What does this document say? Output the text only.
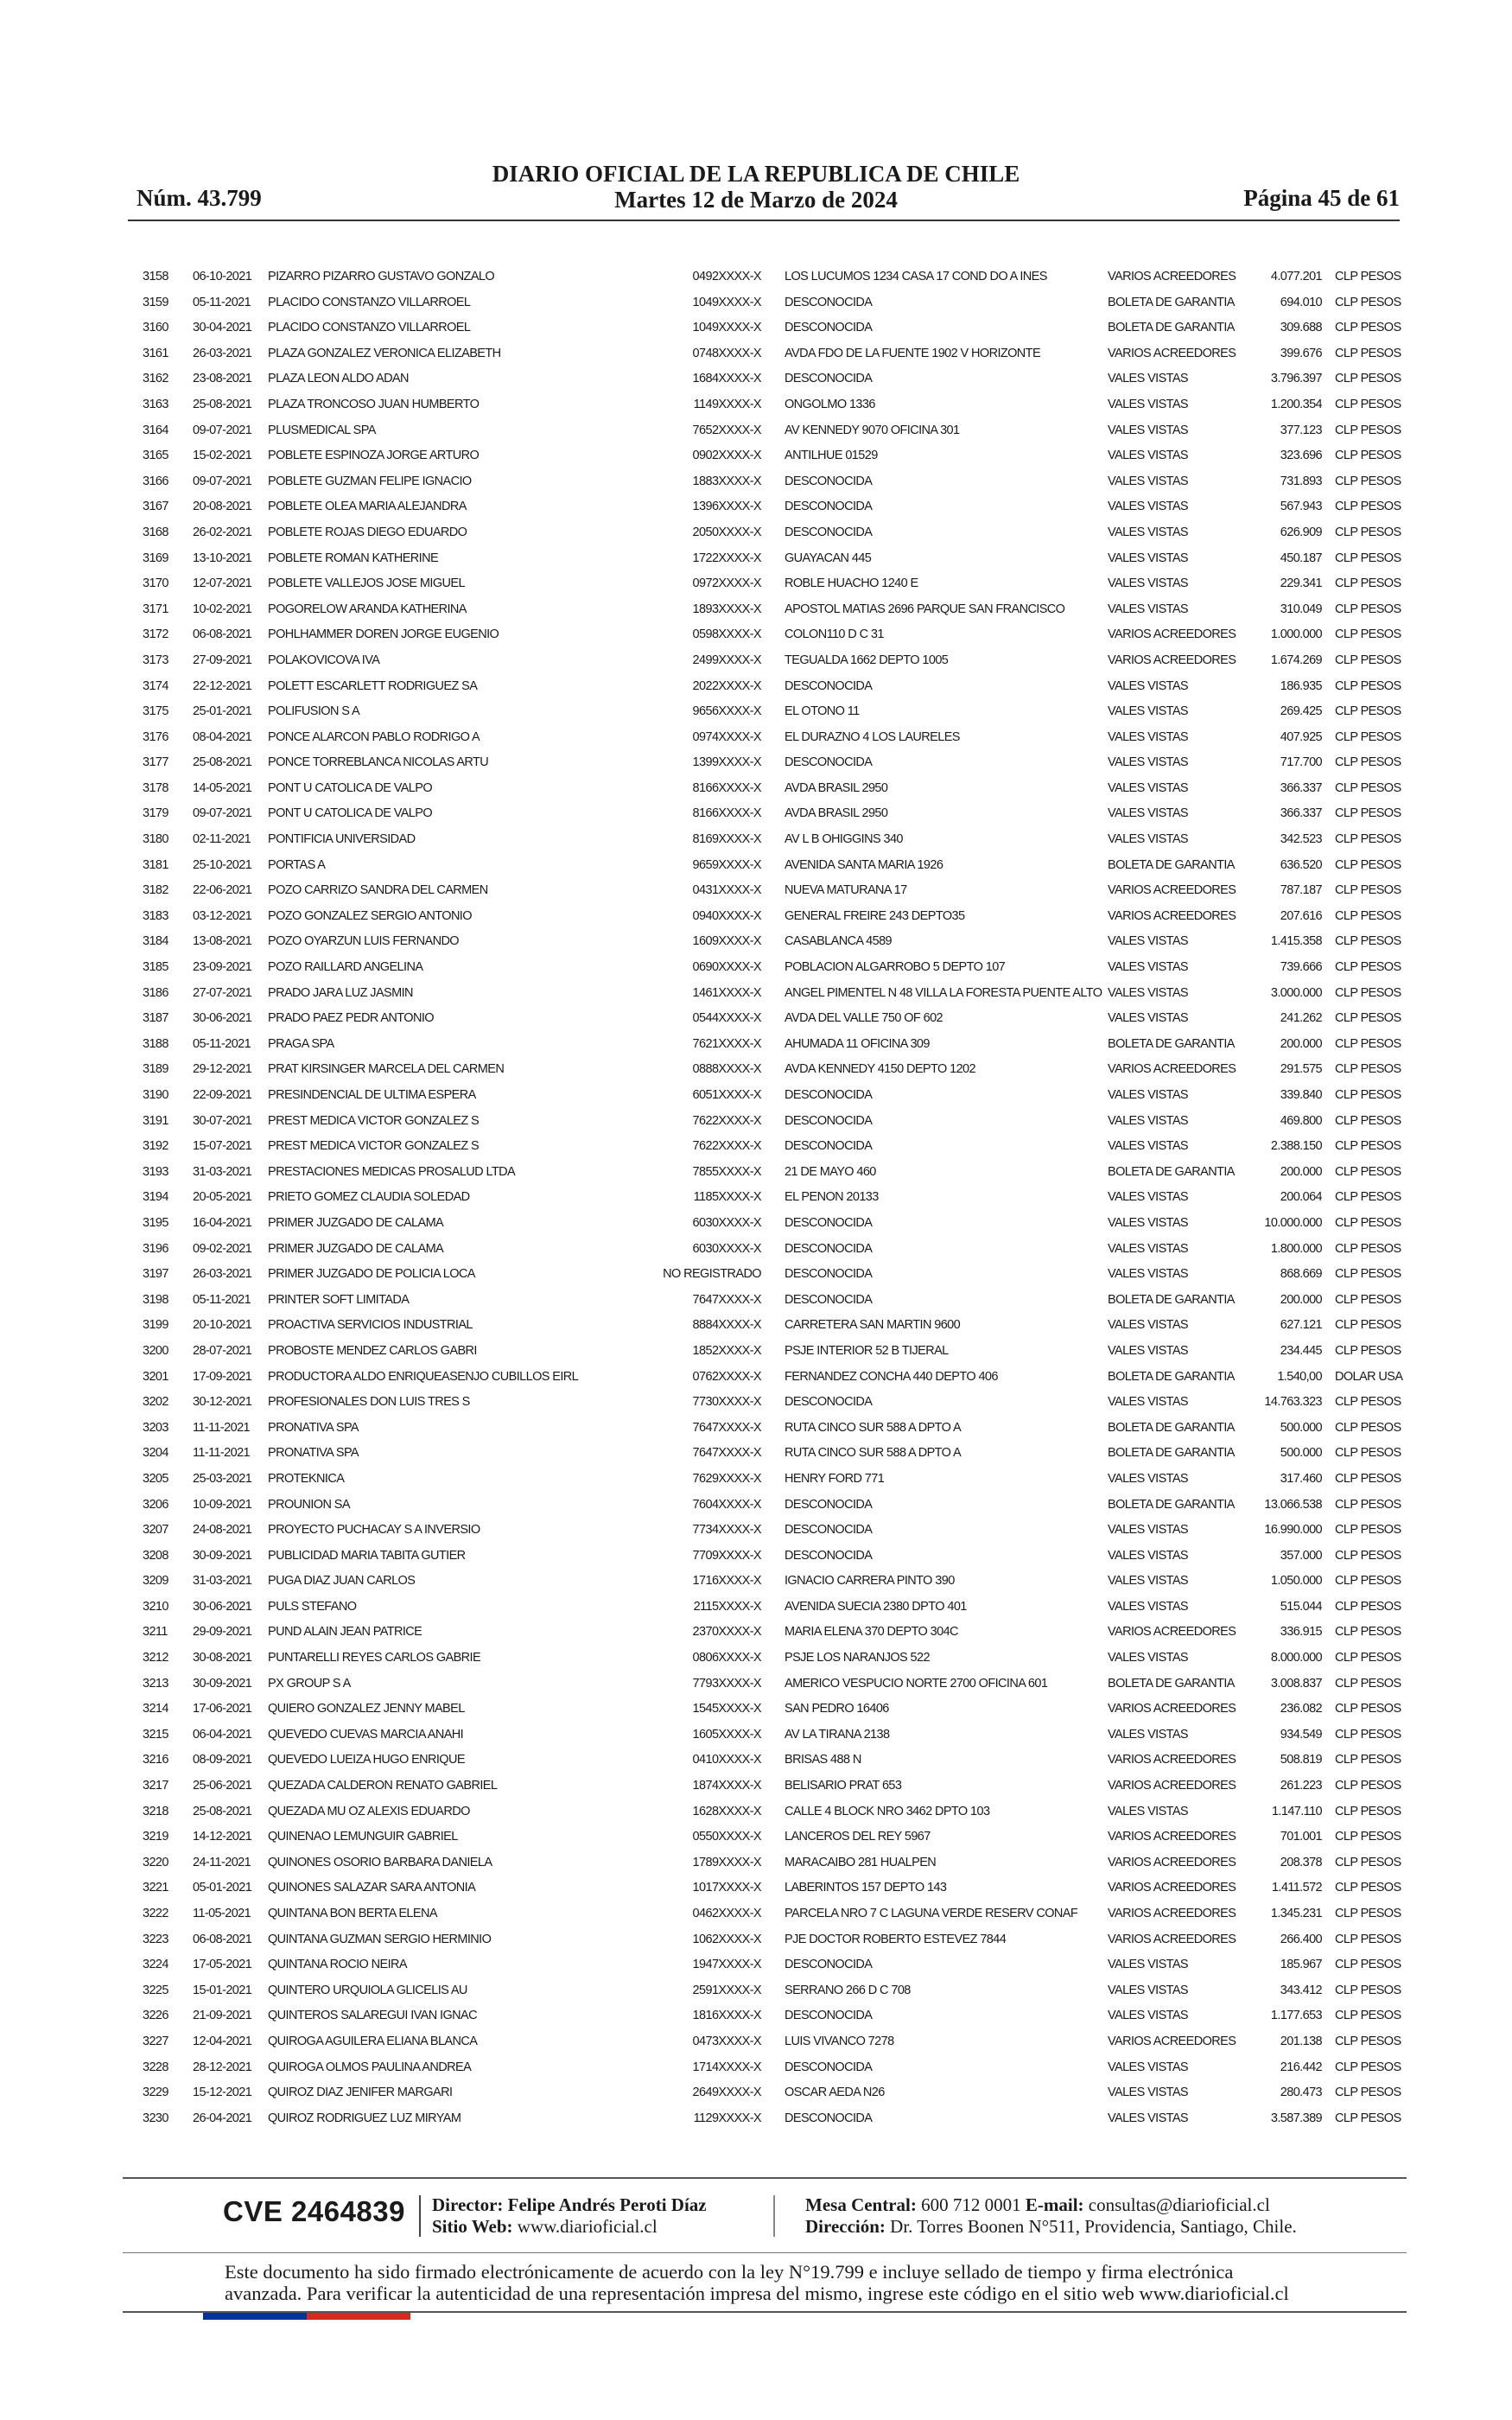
Núm. 43.799
DIARIO OFICIAL DE LA REPUBLICA DE CHILE
Martes 12 de Marzo de 2024	Página 45 de 61
3158 06-10-2021 PIZARRO PIZARRO GUSTAVO GONZALO	0492XXXX-X LOS LUCUMOS 1234 CASA 17 COND DO A INES	VARIOS ACREEDORES	4.077.201 CLP PESOS
3159 05-11-2021 PLACIDO CONSTANZO VILLARROEL	1049XXXX-X DESCONOCIDA	BOLETA DE GARANTIA	694.010 CLP PESOS
3160 30-04-2021 PLACIDO CONSTANZO VILLARROEL	1049XXXX-X DESCONOCIDA	BOLETA DE GARANTIA	309.688 CLP PESOS
3161 26-03-2021 PLAZA GONZALEZ VERONICA ELIZABETH	0748XXXX-X AVDA FDO DE LA FUENTE 1902 V HORIZONTE	VARIOS ACREEDORES	399.676 CLP PESOS
3162 23-08-2021 PLAZA LEON ALDO ADAN	1684XXXX-X DESCONOCIDA	VALES VISTAS	3.796.397 CLP PESOS
3163 25-08-2021 PLAZA TRONCOSO JUAN HUMBERTO	1149XXXX-X ONGOLMO 1336	VALES VISTAS	1.200.354 CLP PESOS
3164 09-07-2021 PLUSMEDICAL SPA	7652XXXX-X AV KENNEDY 9070 OFICINA 301	VALES VISTAS	377.123 CLP PESOS
3165 15-02-2021 POBLETE ESPINOZA JORGE ARTURO	0902XXXX-X ANTILHUE 01529	VALES VISTAS	323.696 CLP PESOS
3166 09-07-2021 POBLETE GUZMAN FELIPE IGNACIO	1883XXXX-X DESCONOCIDA	VALES VISTAS	731.893 CLP PESOS
3167 20-08-2021 POBLETE OLEA MARIA ALEJANDRA	1396XXXX-X DESCONOCIDA	VALES VISTAS	567.943 CLP PESOS
3168 26-02-2021 POBLETE ROJAS DIEGO EDUARDO	2050XXXX-X DESCONOCIDA	VALES VISTAS	626.909 CLP PESOS
3169 13-10-2021 POBLETE ROMAN KATHERINE	1722XXXX-X GUAYACAN 445	VALES VISTAS	450.187 CLP PESOS
3170 12-07-2021 POBLETE VALLEJOS JOSE MIGUEL	0972XXXX-X ROBLE HUACHO 1240 E	VALES VISTAS	229.341 CLP PESOS
3171 10-02-2021 POGORELOW ARANDA KATHERINA	1893XXXX-X APOSTOL MATIAS 2696 PARQUE SAN FRANCISCO	VALES VISTAS	310.049 CLP PESOS
3172 06-08-2021 POHLHAMMER DOREN JORGE EUGENIO	0598XXXX-X COLON110 D C 31	VARIOS ACREEDORES	1.000.000 CLP PESOS
3173 27-09-2021 POLAKOVICOVA IVA	2499XXXX-X TEGUALDA 1662 DEPTO 1005	VARIOS ACREEDORES	1.674.269 CLP PESOS
3174 22-12-2021 POLETT ESCARLETT RODRIGUEZ SA	2022XXXX-X DESCONOCIDA	VALES VISTAS	186.935 CLP PESOS
3175 25-01-2021 POLIFUSION S A	9656XXXX-X EL OTONO 11	VALES VISTAS	269.425 CLP PESOS
3176 08-04-2021 PONCE ALARCON PABLO RODRIGO A	0974XXXX-X EL DURAZNO 4 LOS LAURELES	VALES VISTAS	407.925 CLP PESOS
3177 25-08-2021 PONCE TORREBLANCA NICOLAS ARTU	1399XXXX-X DESCONOCIDA	VALES VISTAS	717.700 CLP PESOS
3178 14-05-2021 PONT U CATOLICA DE VALPO	8166XXXX-X AVDA BRASIL 2950	VALES VISTAS	366.337 CLP PESOS
3179 09-07-2021 PONT U CATOLICA DE VALPO	8166XXXX-X AVDA BRASIL 2950	VALES VISTAS	366.337 CLP PESOS
3180 02-11-2021 PONTIFICIA UNIVERSIDAD	8169XXXX-X AV L B OHIGGINS 340	VALES VISTAS	342.523 CLP PESOS
3181 25-10-2021 PORTAS A	9659XXXX-X AVENIDA SANTA MARIA 1926	BOLETA DE GARANTIA	636.520 CLP PESOS
3182 22-06-2021 POZO CARRIZO SANDRA DEL CARMEN	0431XXXX-X NUEVA MATURANA 17	VARIOS ACREEDORES	787.187 CLP PESOS
3183 03-12-2021 POZO GONZALEZ SERGIO ANTONIO	0940XXXX-X GENERAL FREIRE 243 DEPTO35	VARIOS ACREEDORES	207.616 CLP PESOS
3184 13-08-2021 POZO OYARZUN LUIS FERNANDO	1609XXXX-X CASABLANCA 4589	VALES VISTAS	1.415.358 CLP PESOS
3185 23-09-2021 POZO RAILLARD ANGELINA	0690XXXX-X POBLACION ALGARROBO 5 DEPTO 107	VALES VISTAS	739.666 CLP PESOS
3186 27-07-2021 PRADO JARA LUZ JASMIN	1461XXXX-X ANGEL PIMENTEL N 48 VILLA LA FORESTA PUENTE ALTO VALES VISTAS	3.000.000 CLP PESOS
3187 30-06-2021 PRADO PAEZ PEDR ANTONIO	0544XXXX-X AVDA DEL VALLE 750 OF 602	VALES VISTAS	241.262 CLP PESOS
3188 05-11-2021 PRAGA SPA	7621XXXX-X AHUMADA 11 OFICINA 309	BOLETA DE GARANTIA	200.000 CLP PESOS
3189 29-12-2021 PRAT KIRSINGER MARCELA DEL CARMEN	0888XXXX-X AVDA KENNEDY 4150 DEPTO 1202	VARIOS ACREEDORES	291.575 CLP PESOS
3190 22-09-2021 PRESINDENCIAL DE ULTIMA ESPERA	6051XXXX-X DESCONOCIDA	VALES VISTAS	339.840 CLP PESOS
3191 30-07-2021 PREST MEDICA VICTOR GONZALEZ S	7622XXXX-X DESCONOCIDA	VALES VISTAS	469.800 CLP PESOS
3192 15-07-2021 PREST MEDICA VICTOR GONZALEZ S	7622XXXX-X DESCONOCIDA	VALES VISTAS	2.388.150 CLP PESOS
3193 31-03-2021 PRESTACIONES MEDICAS PROSALUD LTDA	7855XXXX-X 21 DE MAYO 460	BOLETA DE GARANTIA	200.000 CLP PESOS
3194 20-05-2021 PRIETO GOMEZ CLAUDIA SOLEDAD	1185XXXX-X EL PENON 20133	VALES VISTAS	200.064 CLP PESOS
3195 16-04-2021 PRIMER JUZGADO DE CALAMA	6030XXXX-X DESCONOCIDA	VALES VISTAS	10.000.000 CLP PESOS
3196 09-02-2021 PRIMER JUZGADO DE CALAMA	6030XXXX-X DESCONOCIDA	VALES VISTAS	1.800.000 CLP PESOS
3197 26-03-2021 PRIMER JUZGADO DE POLICIA LOCA	NO REGISTRADO DESCONOCIDA	VALES VISTAS	868.669 CLP PESOS
3198 05-11-2021 PRINTER SOFT LIMITADA	7647XXXX-X DESCONOCIDA	BOLETA DE GARANTIA	200.000 CLP PESOS
3199 20-10-2021 PROACTIVA SERVICIOS INDUSTRIAL	8884XXXX-X CARRETERA SAN MARTIN 9600	VALES VISTAS	627.121 CLP PESOS
3200 28-07-2021 PROBOSTE MENDEZ CARLOS GABRI	1852XXXX-X PSJE INTERIOR 52 B TIJERAL	VALES VISTAS	234.445 CLP PESOS
3201 17-09-2021 PRODUCTORA ALDO ENRIQUEASENJO CUBILLOS EIRL	0762XXXX-X FERNANDEZ CONCHA 440 DEPTO 406	BOLETA DE GARANTIA	1.540,00 DOLAR USA
3202 30-12-2021 PROFESIONALES DON LUIS TRES S	7730XXXX-X DESCONOCIDA	VALES VISTAS	14.763.323 CLP PESOS
3203 11-11-2021 PRONATIVA SPA	7647XXXX-X RUTA CINCO SUR 588 A DPTO A	BOLETA DE GARANTIA	500.000 CLP PESOS
3204 11-11-2021 PRONATIVA SPA	7647XXXX-X RUTA CINCO SUR 588 A DPTO A	BOLETA DE GARANTIA	500.000 CLP PESOS
3205 25-03-2021 PROTEKNICA	7629XXXX-X HENRY FORD 771	VALES VISTAS	317.460 CLP PESOS
3206 10-09-2021 PROUNION SA	7604XXXX-X DESCONOCIDA	BOLETA DE GARANTIA	13.066.538 CLP PESOS
3207 24-08-2021 PROYECTO PUCHACAY S A INVERSIO	7734XXXX-X DESCONOCIDA	VALES VISTAS	16.990.000 CLP PESOS
3208 30-09-2021 PUBLICIDAD MARIA TABITA GUTIER	7709XXXX-X DESCONOCIDA	VALES VISTAS	357.000 CLP PESOS
3209 31-03-2021 PUGA DIAZ JUAN CARLOS	1716XXXX-X IGNACIO CARRERA PINTO 390	VALES VISTAS	1.050.000 CLP PESOS
3210 30-06-2021 PULS STEFANO	2115XXXX-X AVENIDA SUECIA 2380 DPTO 401	VALES VISTAS	515.044 CLP PESOS
3211 29-09-2021 PUND ALAIN JEAN PATRICE	2370XXXX-X MARIA ELENA 370 DEPTO 304C	VARIOS ACREEDORES	336.915 CLP PESOS
3212 30-08-2021 PUNTARELLI REYES CARLOS GABRIE	0806XXXX-X PSJE LOS NARANJOS 522	VALES VISTAS	8.000.000 CLP PESOS
3213 30-09-2021 PX GROUP S A	7793XXXX-X AMERICO VESPUCIO NORTE 2700 OFICINA 601	BOLETA DE GARANTIA	3.008.837 CLP PESOS
3214 17-06-2021 QUIERO GONZALEZ JENNY MABEL	1545XXXX-X SAN PEDRO 16406	VARIOS ACREEDORES	236.082 CLP PESOS
3215 06-04-2021 QUEVEDO CUEVAS MARCIA ANAHI	1605XXXX-X AV LA TIRANA 2138	VALES VISTAS	934.549 CLP PESOS
3216 08-09-2021 QUEVEDO LUEIZA HUGO ENRIQUE	0410XXXX-X BRISAS 488 N	VARIOS ACREEDORES	508.819 CLP PESOS
3217 25-06-2021 QUEZADA CALDERON RENATO GABRIEL	1874XXXX-X BELISARIO PRAT 653	VARIOS ACREEDORES	261.223 CLP PESOS
3218 25-08-2021 QUEZADA MU OZ ALEXIS EDUARDO	1628XXXX-X CALLE 4 BLOCK NRO 3462 DPTO 103	VALES VISTAS	1.147.110 CLP PESOS
3219 14-12-2021 QUINENAO LEMUNGUIR GABRIEL	0550XXXX-X LANCEROS DEL REY 5967	VARIOS ACREEDORES	701.001 CLP PESOS
3220 24-11-2021 QUINONES OSORIO BARBARA DANIELA	1789XXXX-X MARACAIBO 281 HUALPEN	VARIOS ACREEDORES	208.378 CLP PESOS
3221 05-01-2021 QUINONES SALAZAR SARA ANTONIA	1017XXXX-X LABERINTOS 157 DEPTO 143	VARIOS ACREEDORES	1.411.572 CLP PESOS
3222 11-05-2021 QUINTANA BON BERTA ELENA	0462XXXX-X PARCELA NRO 7 C LAGUNA VERDE RESERV CONAF	VARIOS ACREEDORES	1.345.231 CLP PESOS
3223 06-08-2021 QUINTANA GUZMAN SERGIO HERMINIO	1062XXXX-X PJE DOCTOR ROBERTO ESTEVEZ 7844	VARIOS ACREEDORES	266.400 CLP PESOS
3224 17-05-2021 QUINTANA ROCIO NEIRA	1947XXXX-X DESCONOCIDA	VALES VISTAS	185.967 CLP PESOS
3225 15-01-2021 QUINTERO URQUIOLA GLICELIS AU	2591XXXX-X SERRANO 266 D C 708	VALES VISTAS	343.412 CLP PESOS
3226 21-09-2021 QUINTEROS SALAREGUI IVAN IGNAC	1816XXXX-X DESCONOCIDA	VALES VISTAS	1.177.653 CLP PESOS
3227 12-04-2021 QUIROGA AGUILERA ELIANA BLANCA	0473XXXX-X LUIS VIVANCO 7278	VARIOS ACREEDORES	201.138 CLP PESOS
3228 28-12-2021 QUIROGA OLMOS PAULINA ANDREA	1714XXXX-X DESCONOCIDA	VALES VISTAS	216.442 CLP PESOS
3229 15-12-2021 QUIROZ DIAZ JENIFER MARGARI	2649XXXX-X OSCAR AEDA N26	VALES VISTAS	280.473 CLP PESOS
3230 26-04-2021 QUIROZ RODRIGUEZ LUZ MIRYAM	1129XXXX-X DESCONOCIDA	VALES VISTAS	3.587.389 CLP PESOS
CVE 2464839 Director: Felipe Andrés Peroti Díaz
Sitio Web: www.diarioficial.cl
Mesa Central: 600 712 0001 E-mail: consultas@diarioficial.cl
Dirección: Dr. Torres Boonen N°511, Providencia, Santiago, Chile.
Este documento ha sido firmado electrónicamente de acuerdo con la ley N°19.799 e incluye sellado de tiempo y firma electrónica
avanzada. Para verificar la autenticidad de una representación impresa del mismo, ingrese este código en el sitio web www.diarioficial.cl
